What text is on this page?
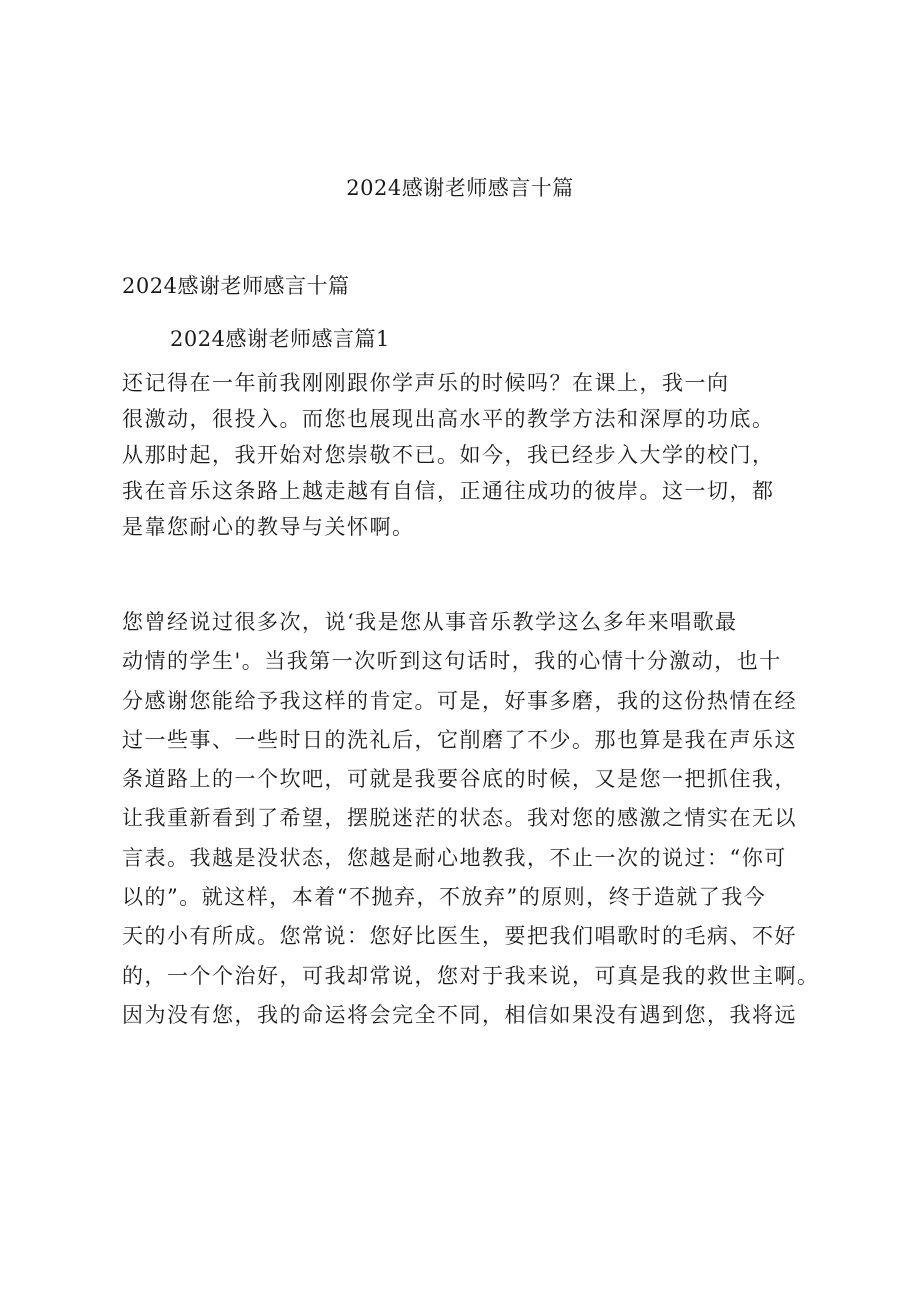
2024感谢老师感言十篇
2024感谢老师感言十篇
2024感谢老师感言篇1
还记得在一年前我刚刚跟你学声乐的时候吗？在课上，我一向
很激动，很投入。而您也展现出高水平的教学方法和深厚的功底。
从那时起，我开始对您崇敬不已。如今，我已经步入大学的校门，
我在音乐这条路上越走越有自信，正通往成功的彼岸。这一切，都
是靠您耐心的教导与关怀啊。
您曾经说过很多次，说‘我是您从事音乐教学这么多年来唱歌最
动情的学生'。当我第一次听到这句话时，我的心情十分激动，也十
分感谢您能给予我这样的肯定。可是，好事多磨，我的这份热情在经
过一些事、一些时日的洗礼后，它削磨了不少。那也算是我在声乐这
条道路上的一个坎吧，可就是我要谷底的时候，又是您一把抓住我，
让我重新看到了希望，摆脱迷茫的状态。我对您的感激之情实在无以
言表。我越是没状态，您越是耐心地教我，不止一次的说过：“你可
以的”。就这样，本着“不抛弃，不放弃”的原则，终于造就了我今
天的小有所成。您常说：您好比医生，要把我们唱歌时的毛病、不好
的，一个个治好，可我却常说，您对于我来说，可真是我的救世主啊。
因为没有您，我的命运将会完全不同，相信如果没有遇到您，我将远
